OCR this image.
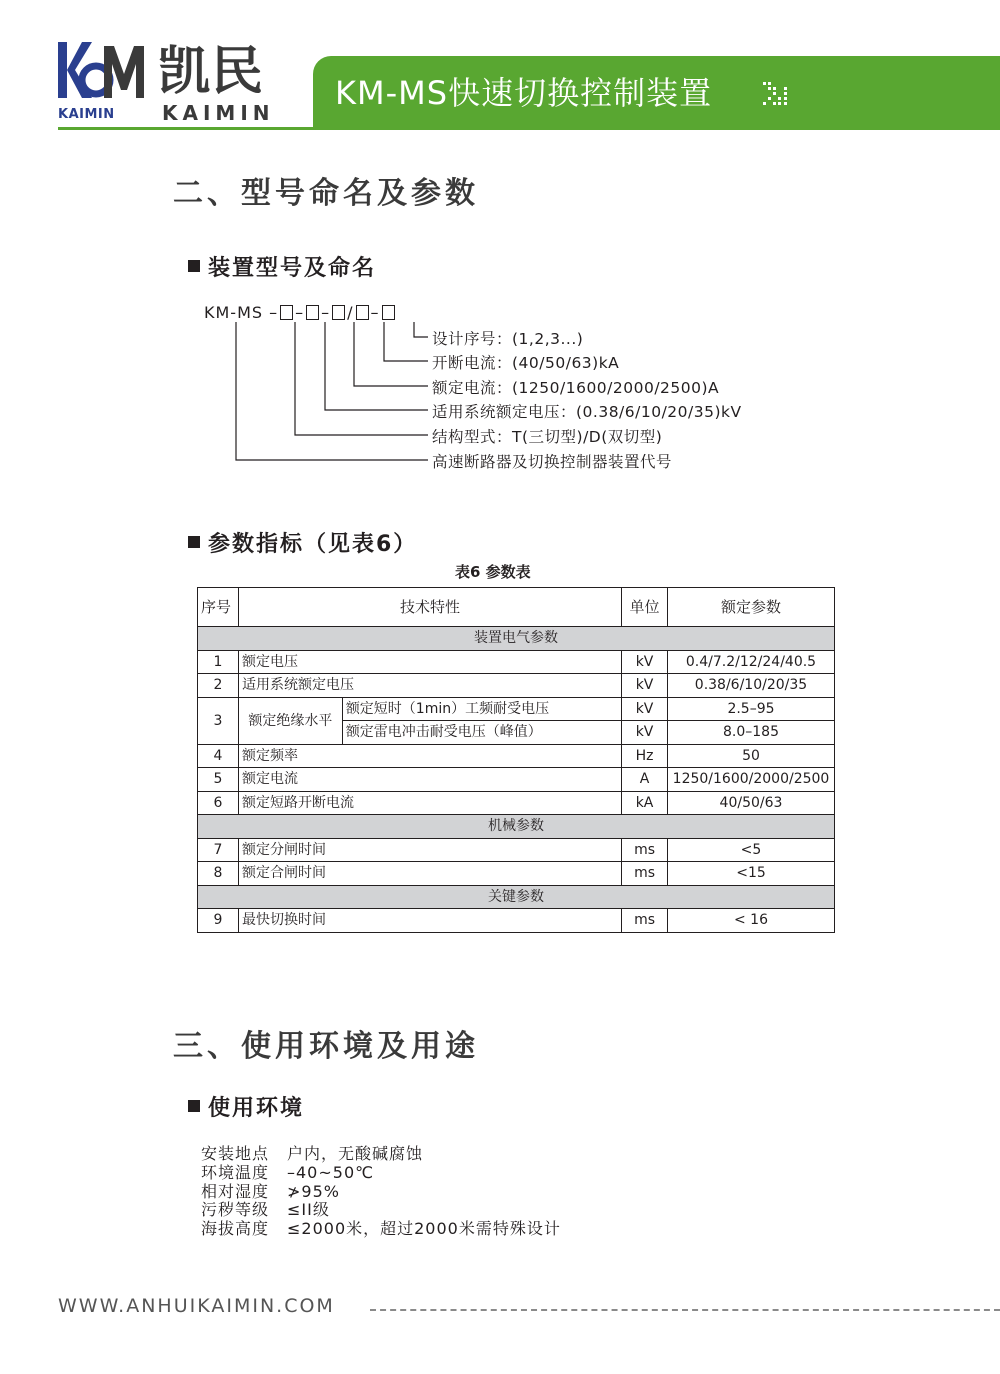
KAIMIN
凯民
KAIMIN
KM-MS快速切换控制装置
二、型号命名及参数
装置型号及命名
KM-MS – – – / –
设计序号：(1,2,3...)
开断电流：(40/50/63)kA
额定电流：(1250/1600/2000/2500)A
适用系统额定电压：(0.38/6/10/20/35)kV
结构型式：T(三切型)/D(双切型)
高速断路器及切换控制器装置代号
参数指标（见表6）
表6 参数表
序号	技术特性		单位	额定参数
装置电气参数				
1	额定电压		kV	0.4/7.2/12/24/40.5
2	适用系统额定电压		kV	0.38/6/10/20/35
3	额定绝缘水平	额定短时（1min）工频耐受电压	kV	2.5–95
		额定雷电冲击耐受电压（峰值）	kV	8.0–185
4	额定频率		Hz	50
5	额定电流		A	1250/1600/2000/2500
6	额定短路开断电流		kA	40/50/63
机械参数				
7	额定分闸时间		ms	<5
8	额定合闸时间		ms	<15
关键参数				
9	最快切换时间		ms	< 16
三、使用环境及用途
使用环境
安装地点 户内，无酸碱腐蚀
环境温度 –40~50℃
相对湿度 ≯95%
污秽等级 ≤II级
海拔高度 ≤2000米，超过2000米需特殊设计
WWW.ANHUIKAIMIN.COM
